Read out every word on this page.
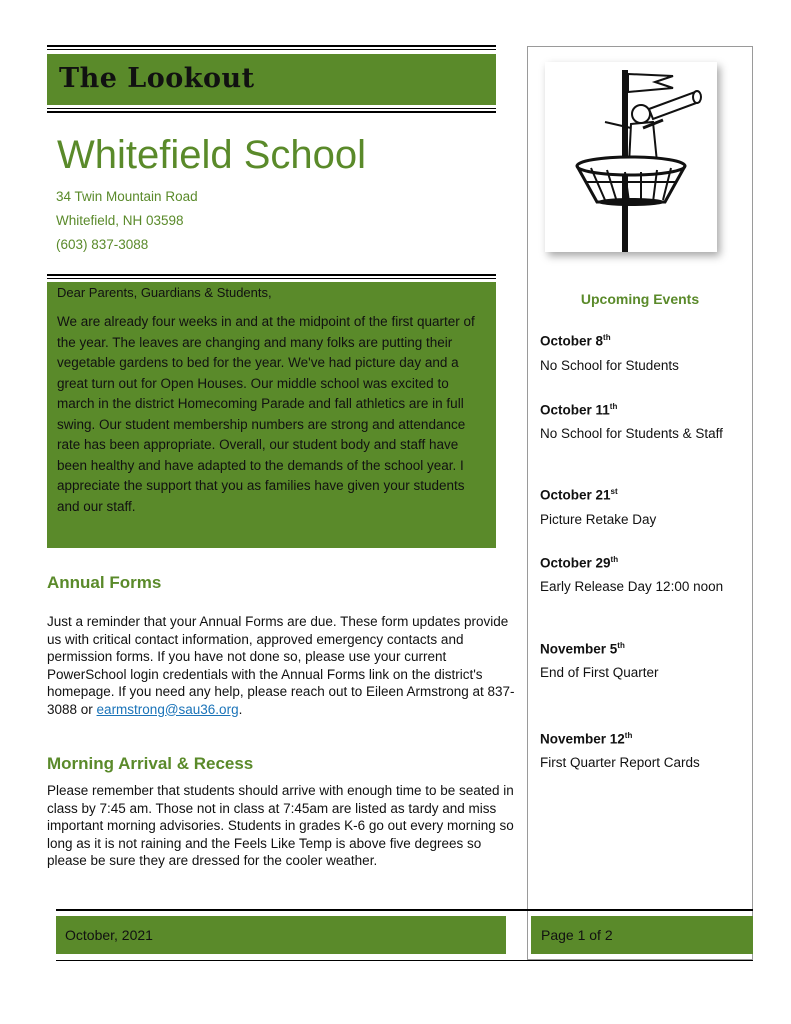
The Lookout
Whitefield School
34 Twin Mountain Road
Whitefield, NH 03598
(603) 837-3088
Dear Parents, Guardians & Students,
We are already four weeks in and at the midpoint of the first quarter of the year. The leaves are changing and many folks are putting their vegetable gardens to bed for the year. We've had picture day and a great turn out for Open Houses. Our middle school was excited to march in the district Homecoming Parade and fall athletics are in full swing. Our student membership numbers are strong and attendance rate has been appropriate. Overall, our student body and staff have been healthy and have adapted to the demands of the school year. I appreciate the support that you as families have given your students and our staff.
Annual Forms
Just a reminder that your Annual Forms are due. These form updates provide us with critical contact information, approved emergency contacts and permission forms. If you have not done so, please use your current PowerSchool login credentials with the Annual Forms link on the district's homepage. If you need any help, please reach out to Eileen Armstrong at 837-3088 or earmstrong@sau36.org.
Morning Arrival & Recess
Please remember that students should arrive with enough time to be seated in class by 7:45 am. Those not in class at 7:45am are listed as tardy and miss important morning advisories. Students in grades K-6 go out every morning so long as it is not raining and the Feels Like Temp is above five degrees so please be sure they are dressed for the cooler weather.
Upcoming Events
October 8th
No School for Students
October 11th
No School for Students & Staff
October 21st
Picture Retake Day
October 29th
Early Release Day 12:00 noon
November 5th
End of First Quarter
November 12th
First Quarter Report Cards
October, 2021	Page 1 of 2
